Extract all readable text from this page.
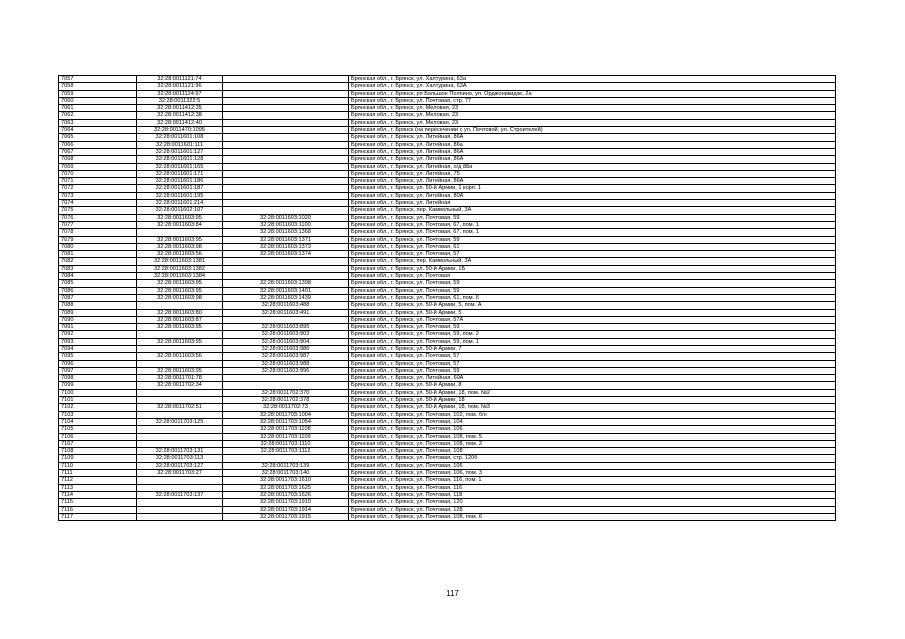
7057	32:28:0011121:74		Брянская обл., г. Брянск, ул. Халтурина, 63а
7058	32:28:0011121:96		Брянская обл., г. Брянск, ул. Халтурина, 63А
7059	32:28:0011124:97		Брянская обл., г. Брянск, рп Большое Полпино, ул. Орджоникидзе, 2а
7060	32:28:0011322:5		Брянская обл., г. Брянск, ул. Почтовая, стр. 77
7061	32:28:0011412:35		Брянская обл., г. Брянск, ул. Меловая, 23
7062	32:28:0011412:38		Брянская обл., г. Брянск, ул. Меловая, 23
7063	32:28:0011412:40		Брянская обл., г. Брянск, ул. Меловая, 23
7064	32:28:0011470:1095		Брянская обл., г. Брянск (на пересечении с ул. Почтовой, ул. Строителей)
7065	32:28:0011601:108		Брянская обл., г. Брянск, ул. Литейная, 86А
7066	32:28:0011601:111		Брянская обл., г. Брянск, ул. Литейная, 86а
7067	32:28:0011601:127		Брянская обл., г. Брянск, ул. Литейная, 86А
7068	32:28:0011601:128		Брянская обл., г. Брянск, ул. Литейная, 86А
7069	32:28:0011601:165		Брянская обл., г. Брянск, ул. Литейная, о/д 88а
7070	32:28:0011601:171		Брянская обл., г. Брянск, ул. Литейная, 75
7071	32:28:0011601:186		Брянская обл., г. Брянск, ул. Литейная, 86А
7072	32:28:0011601:187		Брянская обл., г. Брянск, ул. 50-й Армии, 1 корп. 1
7073	32:28:0011601:195		Брянская обл., г. Брянск, ул. Литейная, 80А
7074	32:28:0011601:214		Брянская обл., г. Брянск, ул. Литейная
7075	32:28:0011602:107		Брянская обл., г. Брянск, пер. Камвольный, 3А
7076	32:28:0011603:95	32:28:0011603:1020	Брянская обл., г. Брянск, ул. Почтовая, 59
7077	32:28:0011603:84	32:28:0011603:1100	Брянская обл., г. Брянск, ул. Почтовая, 67, пом. 1
7078		32:28:0011603:1368	Брянская обл., г. Брянск, ул. Почтовая, 67, пом. 1
7079	32:28:0011603:95	32:28:0011603:1371	Брянская обл., г. Брянск, ул. Почтовая, 59
7080	32:28:0011603:98	32:28:0011603:1373	Брянская обл., г. Брянск, ул. Почтовая, 61
7081	32:28:0011603:56	32:28:0011603:1374	Брянская обл., г. Брянск, ул. Почтовая, 57
7082	32:28:0011603:1381		Брянская обл., г. Брянск, пер. Камвольный, 3А
7083	32:28:0011603:1382		Брянская обл., г. Брянск, ул. 50-й Армии, 1Б
7084	32:28:0011603:1384		Брянская обл., г. Брянск, ул. Почтовая
7085	32:28:0011603:95	32:28:0011603:1398	Брянская обл., г. Брянск, ул. Почтовая, 59
7086	32:28:0011603:95	32:28:0011603:1401	Брянская обл., г. Брянск, ул. Почтовая, 59
7087	32:28:0011603:98	32:28:0011603:1439	Брянская обл., г. Брянск, ул. Почтовая, 61, пом. II
7088		32:28:0011603:488	Брянская обл., г. Брянск, ул. 50-й Армии, 5, пом. А
7089	32:28:0011603:80	32:28:0011603:491	Брянская обл., г. Брянск, ул. 50-й Армии, 5
7090	32:28:0011603:87		Брянская обл., г. Брянск, ул. Почтовая, 57А
7091	32:28:0011603:95	32:28:0011603:895	Брянская обл., г. Брянск, ул. Почтовая, 59
7092		32:28:0011603:903	Брянская обл., г. Брянск, ул. Почтовая, 59, пом. 2
7093	32:28:0011603:95	32:28:0011603:904	Брянская обл., г. Брянск, ул. Почтовая, 59, пом. 1
7094		32:28:0011603:986	Брянская обл., г. Брянск, ул. 50-й Армии, 7
7095	32:28:0011603:56	32:28:0011603:987	Брянская обл., г. Брянск, ул. Почтовая, 57
7096		32:28:0011603:988	Брянская обл., г. Брянск, ул. Почтовая, 57
7097	32:28:0011603:95	32:28:0011603:996	Брянская обл., г. Брянск, ул. Почтовая, 59
7098	32:28:0011701:78		Брянская обл., г. Брянск, ул. Литейная, 60А
7099	32:28:0011702:34		Брянская обл., г. Брянск, ул. 50-й Армии, 8
7100		32:28:0011702:370	Брянская обл., г. Брянск, ул. 50-й Армии, 18, пом. №2
7101		32:28:0011702:378	Брянская обл., г. Брянск, ул. 50-й Армии, 18
7102	32:28:0011702:51	32:28:0011702:73	Брянская обл., г. Брянск, ул. 50-й Армии, 18, пом. №3
7103		32:28:0011703:1004	Брянская обл., г. Брянск, ул. Почтовая, 102, пом. б/н
7104	32:28:0011703:125	32:28:0011703:1054	Брянская обл., г. Брянск, ул. Почтовая, 104
7105		32:28:0011703:1108	Брянская обл., г. Брянск, ул. Почтовая, 106
7106		32:28:0011703:1109	Брянская обл., г. Брянск, ул. Почтовая, 108, пом. 5
7107		32:28:0011703:1110	Брянская обл., г. Брянск, ул. Почтовая, 108, пом. 2
7108	32:28:0011703:131	32:28:0011703:1112	Брянская обл., г. Брянск, ул. Почтовая, 108
7109	32:28:0011703:113		Брянская обл., г. Брянск, ул. Почтовая, стр. 120б
7110	32:28:0011703:127	32:28:0011703:139	Брянская обл., г. Брянск, ул. Почтовая, 106
7111	32:28:0011703:27	32:28:0011703:140	Брянская обл., г. Брянск, ул. Почтовая, 106, пом. 3
7112		32:28:0011703:1610	Брянская обл., г. Брянск, ул. Почтовая, 116, пом. 1
7113		32:28:0011703:1625	Брянская обл., г. Брянск, ул. Почтовая, 116
7114	32:28:0011703:137	32:28:0011703:1626	Брянская обл., г. Брянск, ул. Почтовая, 118
7115		32:28:0011703:1910	Брянская обл., г. Брянск, ул. Почтовая, 120
7116		32:28:0011703:1914	Брянская обл., г. Брянск, ул. Почтовая, 128
7117		32:28:0011703:1915	Брянская обл., г. Брянск, ул. Почтовая, 108, пом. 6
117
